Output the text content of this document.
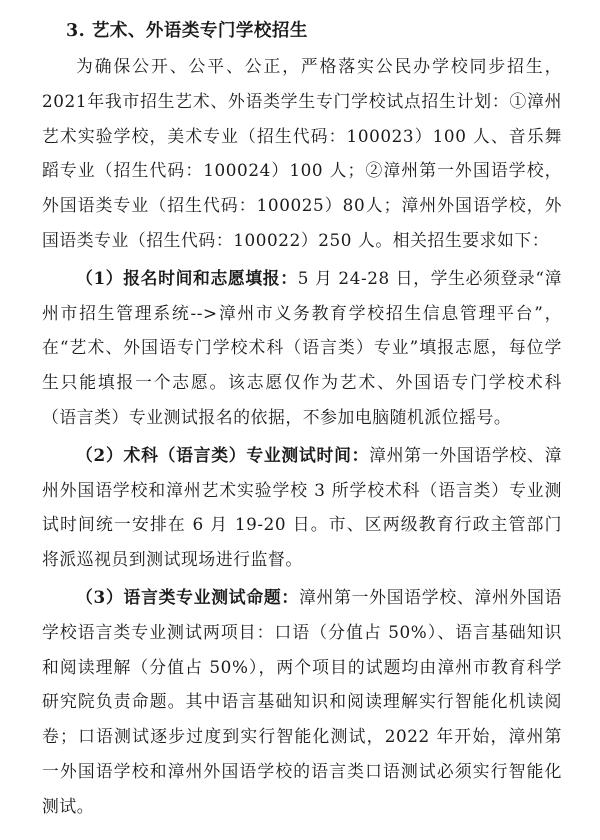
3. 艺术、外语类专门学校招生

为确保公开、公平、公正，严格落实公民办学校同步招生，2021年我市招生艺术、外语类学生专门学校试点招生计划：①漳州艺术实验学校，美术专业（招生代码：100023）100 人、音乐舞蹈专业（招生代码：100024）100 人；②漳州第一外国语学校，外国语类专业（招生代码：100025）80人；漳州外国语学校，外国语类专业（招生代码：100022）250 人。相关招生要求如下：

（1）报名时间和志愿填报：5 月 24-28 日，学生必须登录“漳州市招生管理系统-->漳州市义务教育学校招生信息管理平台”，在“艺术、外国语专门学校术科（语言类）专业”填报志愿，每位学生只能填报一个志愿。该志愿仅作为艺术、外国语专门学校术科（语言类）专业测试报名的依据，不参加电脑随机派位摇号。

（2）术科（语言类）专业测试时间：漳州第一外国语学校、漳州外国语学校和漳州艺术实验学校 3 所学校术科（语言类）专业测试时间统一安排在 6 月 19-20 日。市、区两级教育行政主管部门将派巡视员到测试现场进行监督。

（3）语言类专业测试命题：漳州第一外国语学校、漳州外国语学校语言类专业测试两项目：口语（分值占 50%）、语言基础知识和阅读理解（分值占 50%），两个项目的试题均由漳州市教育科学研究院负责命题。其中语言基础知识和阅读理解实行智能化机读阅卷；口语测试逐步过度到实行智能化测试，2022 年开始，漳州第一外国语学校和漳州外国语学校的语言类口语测试必须实行智能化测试。
